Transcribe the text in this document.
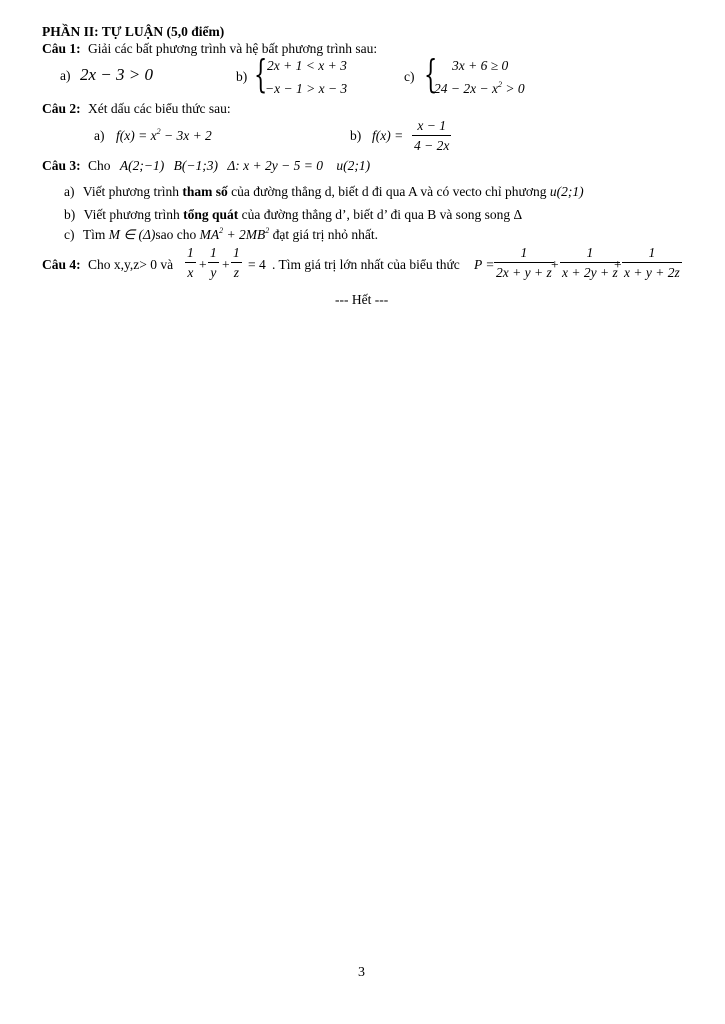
PHẦN II: TỰ LUẬN (5,0 điểm)
Câu 1: Giải các bất phương trình và hệ bất phương trình sau:
a) 2x − 3 > 0	b) { 2x + 1 < x + 3
−x − 1 > x − 3
c) { 3x + 6 ≥ 0
$24 - 2x - x^2 > 0$
Câu 2: Xét dấu các biểu thức sau:
a) $f(x) = x^2 - 3x + 2$	b) $f(x) = \frac{x - 1}{4 - 2x}$
Câu 3: Cho A(2;−1) B(−1;3) Δ: x + 2y − 5 = 0 u(2;1)
a) Viết phương trình tham số của đường thẳng d, biết d đi qua A và có vecto chỉ phương u(2;1)
b) Viết phương trình tổng quát của đường thẳng d’, biết d’ đi qua B và song song Δ
c) Tìm M ∈ (Δ)sao cho $MA^2 + 2MB^2$ đạt giá trị nhỏ nhất.
Câu 4: Cho x,y,z> 0 và $\frac{1}{x} + \frac{1}{y} + \frac{1}{z} = 4$ . Tìm giá trị lớn nhất của biểu thức $P = \frac{1}{2x + y + z}$
+ $\frac{1}{x + 2y + z}$
+ $\frac{1}{x + y + 2z}$
--- Hết ---
3
